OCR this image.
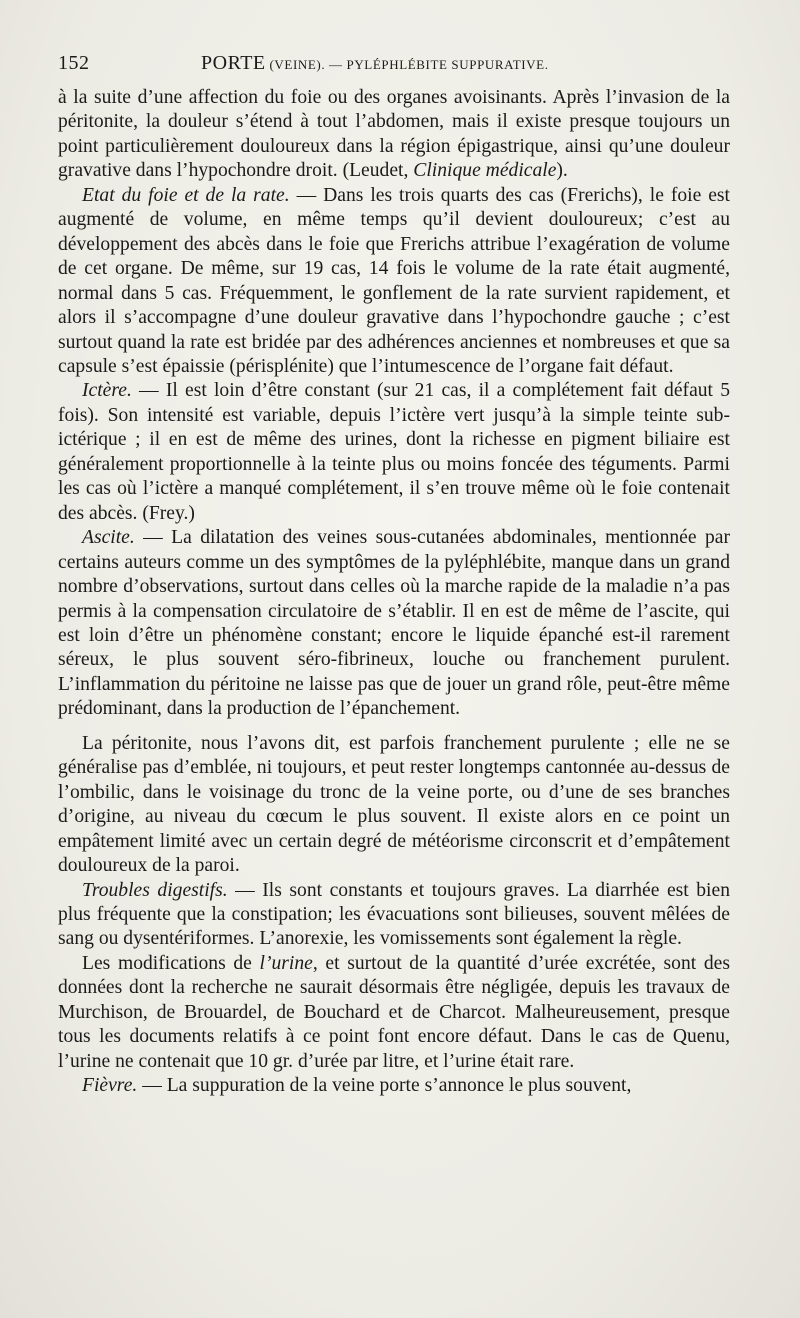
152	PORTE (VEINE). — PYLÉPHLÉBITE SUPPURATIVE.

à la suite d’une affection du foie ou des organes avoisinants. Après l’invasion de la péritonite, la douleur s’étend à tout l’abdomen, mais il existe presque toujours un point particulièrement douloureux dans la région épigastrique, ainsi qu’une douleur gravative dans l’hypochondre droit. (Leudet, Clinique médicale).

Etat du foie et de la rate. — Dans les trois quarts des cas (Frerichs), le foie est augmenté de volume, en même temps qu’il devient douloureux; c’est au développement des abcès dans le foie que Frerichs attribue l’exagération de volume de cet organe. De même, sur 19 cas, 14 fois le volume de la rate était augmenté, normal dans 5 cas. Fréquemment, le gonflement de la rate survient rapidement, et alors il s’accompagne d’une douleur gravative dans l’hypochondre gauche ; c’est surtout quand la rate est bridée par des adhérences anciennes et nombreuses et que sa capsule s’est épaissie (périsplénite) que l’intumescence de l’organe fait défaut.

Ictère. — Il est loin d’être constant (sur 21 cas, il a complétement fait défaut 5 fois). Son intensité est variable, depuis l’ictère vert jusqu’à la simple teinte sub-ictérique ; il en est de même des urines, dont la richesse en pigment biliaire est généralement proportionnelle à la teinte plus ou moins foncée des téguments. Parmi les cas où l’ictère a manqué complétement, il s’en trouve même où le foie contenait des abcès. (Frey.)

Ascite. — La dilatation des veines sous-cutanées abdominales, mentionnée par certains auteurs comme un des symptômes de la pyléphlébite, manque dans un grand nombre d’observations, surtout dans celles où la marche rapide de la maladie n’a pas permis à la compensation circulatoire de s’établir. Il en est de même de l’ascite, qui est loin d’être un phénomène constant; encore le liquide épanché est-il rarement séreux, le plus souvent séro-fibrineux, louche ou franchement purulent. L’inflammation du péritoine ne laisse pas que de jouer un grand rôle, peut-être même prédominant, dans la production de l’épanchement.

La péritonite, nous l’avons dit, est parfois franchement purulente ; elle ne se généralise pas d’emblée, ni toujours, et peut rester longtemps cantonnée au-dessus de l’ombilic, dans le voisinage du tronc de la veine porte, ou d’une de ses branches d’origine, au niveau du cœcum le plus souvent. Il existe alors en ce point un empâtement limité avec un certain degré de météorisme circonscrit et d’empâtement douloureux de la paroi.

Troubles digestifs. — Ils sont constants et toujours graves. La diarrhée est bien plus fréquente que la constipation; les évacuations sont bilieuses, souvent mêlées de sang ou dysentériformes. L’anorexie, les vomissements sont également la règle.

Les modifications de l’urine, et surtout de la quantité d’urée excrétée, sont des données dont la recherche ne saurait désormais être négligée, depuis les travaux de Murchison, de Brouardel, de Bouchard et de Charcot. Malheureusement, presque tous les documents relatifs à ce point font encore défaut. Dans le cas de Quenu, l’urine ne contenait que 10 gr. d’urée par litre, et l’urine était rare.

Fièvre. — La suppuration de la veine porte s’annonce le plus souvent,
